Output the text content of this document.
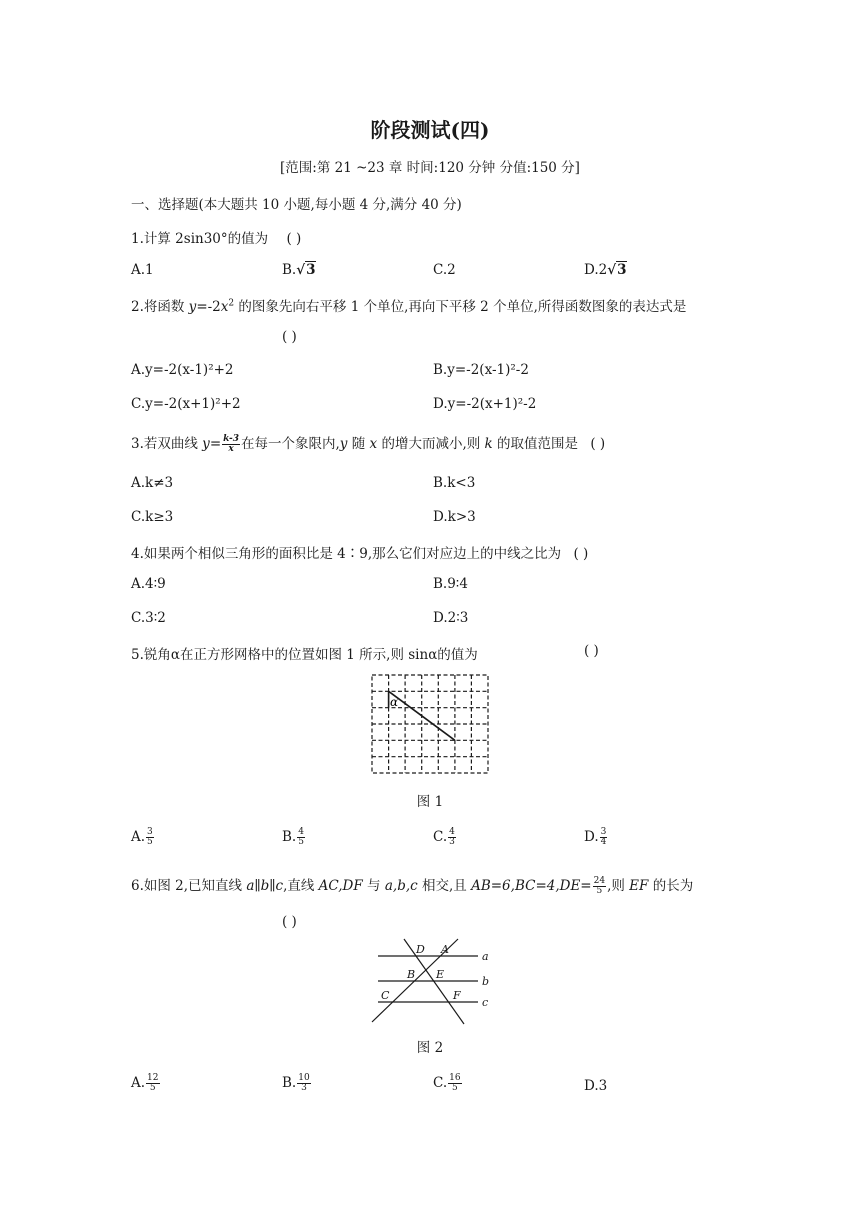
阶段测试(四)
[范围:第 21 ~23 章 时间:120 分钟 分值:150 分]
一、选择题(本大题共 10 小题,每小题 4 分,满分 40 分)
1.计算 2sin30°的值为 ( )
A.1	B.√3	C.2	D.2√3
2.将函数 $y=-2x^2$ 的图象先向右平移 1 个单位,再向下平移 2 个单位,所得函数图象的表达式是
( )
A.y=-2(x-1)²+2	B.y=-2(x-1)²-2
C.y=-2(x+1)²+2	D.y=-2(x+1)²-2
3.若双曲线 $y= \frac{k-3}{x}$ 在每一个象限内,y 随 x 的增大而减小,则 k 的取值范围是 ( )
A.k≠3	B.k<3
C.k≥3	D.k>3
4.如果两个相似三角形的面积比是 4∶9,那么它们对应边上的中线之比为 ( )
A.4∶9	B.9∶4
C.3∶2	D.2∶3
5.锐角α在正方形网格中的位置如图 1 所示,则 sinα的值为	( )
α
图 1
A. $\frac{3}{5}$	B. $\frac{4}{5}$	C. $\frac{4}{3}$	D. $\frac{3}{4}$
6.如图 2,已知直线 a∥b∥c,直线 AC,DF 与 a,b,c 相交,且 $AB=6,BC=4,DE= \frac{24}{5}$ ,则 EF 的长为
( )
D A
a
B E
b
C	F
c
图 2
A. $\frac{12}{5}$	B. $\frac{10}{3}$	C. $\frac{16}{5}$	D.3
